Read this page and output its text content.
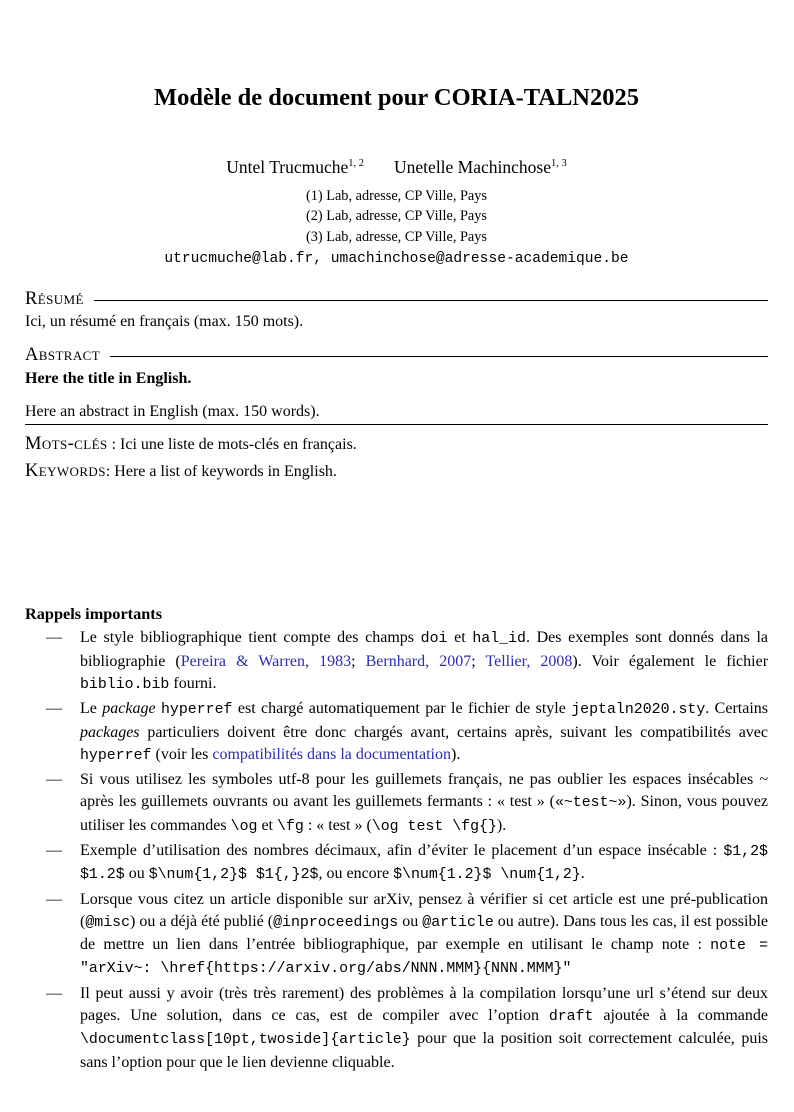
Modèle de document pour CORIA-TALN2025
Untel Trucmuche$^{1, 2}$ Unetelle Machinchose$^{1, 3}$
(1) Lab, adresse, CP Ville, Pays
(2) Lab, adresse, CP Ville, Pays
(3) Lab, adresse, CP Ville, Pays
utrucmuche@lab.fr, umachinchose@adresse-academique.be
Résumé

Ici, un résumé en français (max. 150 mots).

Abstract

Here the title in English.

Here an abstract in English (max. 150 words).

Mots-clés : Ici une liste de mots-clés en français.

Keywords: Here a list of keywords in English.

Rappels importants

—	Le style bibliographique tient compte des champs doi et hal_id. Des exemples sont donnés dans la bibliographie (Pereira & Warren, 1983; Bernhard, 2007; Tellier, 2008). Voir également le fichier biblio.bib fourni.
—	Le package hyperref est chargé automatiquement par le fichier de style jeptaln2020.sty. Certains packages particuliers doivent être donc chargés avant, certains après, suivant les compatibilités avec hyperref (voir les compatibilités dans la documentation).
—	Si vous utilisez les symboles utf-8 pour les guillemets français, ne pas oublier les espaces insécables ~ après les guillemets ouvrants ou avant les guillemets fermants : « test » («~test~»). Sinon, vous pouvez utiliser les commandes \og et \fg : « test » (\og test \fg{}).
—	Exemple d’utilisation des nombres décimaux, afin d’éviter le placement d’un espace insécable : $1,2$ $1.2$ ou $\num{1,2}$ $1{,}2$, ou encore $\num{1.2}$ \num{1,2}.
—	Lorsque vous citez un article disponible sur arXiv, pensez à vérifier si cet article est une pré-publication (@misc) ou a déjà été publié (@inproceedings ou @article ou autre). Dans tous les cas, il est possible de mettre un lien dans l’entrée bibliographique, par exemple en utilisant le champ note : note = "arXiv~: \href{https://arxiv.org/abs/NNN.MMM}{NNN.MMM}"
—	Il peut aussi y avoir (très très rarement) des problèmes à la compilation lorsqu’une url s’étend sur deux pages. Une solution, dans ce cas, est de compiler avec l’option draft ajoutée à la commande \documentclass[10pt,twoside]{article} pour que la position soit correctement calculée, puis sans l’option pour que le lien devienne cliquable.
